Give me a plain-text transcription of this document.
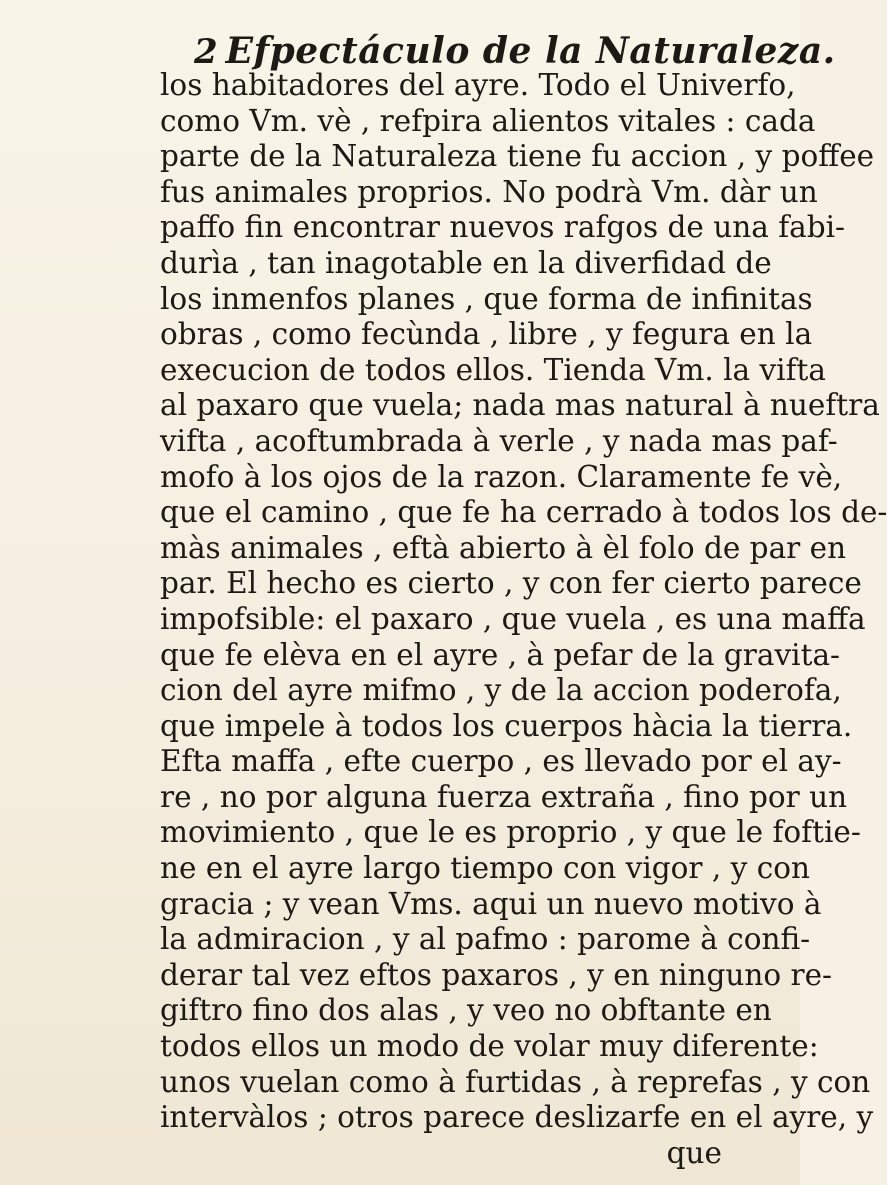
2 Efpectáculo de la Naturaleza.
los habitadores del ayre. Todo el Univerfo,
como Vm. vè , refpira alientos vitales : cada
parte de la Naturaleza tiene fu accion , y poffee
fus animales proprios. No podrà Vm. dàr un
paffo fin encontrar nuevos rafgos de una fabi-
durìa , tan inagotable en la diverfidad de
los inmenfos planes , que forma de infinitas
obras , como fecùnda , libre , y fegura en la
execucion de todos ellos. Tienda Vm. la vifta
al paxaro que vuela; nada mas natural à nueftra
vifta , acoftumbrada à verle , y nada mas paf-
mofo à los ojos de la razon. Claramente fe vè,
que el camino , que fe ha cerrado à todos los de-
màs animales , eftà abierto à èl folo de par en
par. El hecho es cierto , y con fer cierto parece
impofsible: el paxaro , que vuela , es una maffa
que fe elèva en el ayre , à pefar de la gravita-
cion del ayre mifmo , y de la accion poderofa,
que impele à todos los cuerpos hàcia la tierra.
Efta maffa , efte cuerpo , es llevado por el ay-
re , no por alguna fuerza extraña , fino por un
movimiento , que le es proprio , y que le foftie-
ne en el ayre largo tiempo con vigor , y con
gracia ; y vean Vms. aqui un nuevo motivo à
la admiracion , y al pafmo : parome à confi-
derar tal vez eftos paxaros , y en ninguno re-
giftro fino dos alas , y veo no obftante en
todos ellos un modo de volar muy diferente:
unos vuelan como à furtidas , à reprefas , y con
intervàlos ; otros parece deslizarfe en el ayre, y
que
